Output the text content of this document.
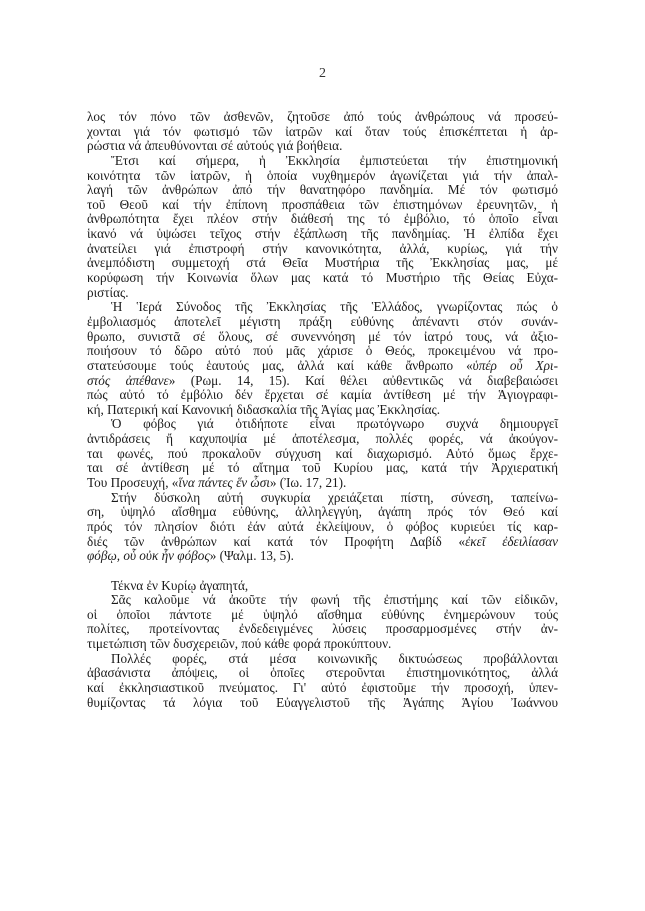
2
λος τόν πόνο τῶν ἀσθενῶν, ζητοῦσε ἀπό τούς ἀνθρώπους νά προσεύ-
χονται γιά τόν φωτισμό τῶν ἰατρῶν καί ὅταν τούς ἐπισκέπτεται ἡ ἀρ-
ρώστια νά ἀπευθύνονται σέ αὐτούς γιά βοήθεια.
Ἔτσι καί σήμερα, ἡ Ἐκκλησία ἐμπιστεύεται τήν ἐπιστημονική
κοινότητα τῶν ἰατρῶν, ἡ ὁποία νυχθημερόν ἀγωνίζεται γιά τήν ἀπαλ-
λαγή τῶν ἀνθρώπων ἀπό τήν θανατηφόρο πανδημία. Μέ τόν φωτισμό
τοῦ Θεοῦ καί τήν ἐπίπονη προσπάθεια τῶν ἐπιστημόνων ἐρευνητῶν, ἡ
ἀνθρωπότητα ἔχει πλέον στήν διάθεσή της τό ἐμβόλιο, τό ὁποῖο εἶναι
ἱκανό νά ὑψώσει τεῖχος στήν ἐξάπλωση τῆς πανδημίας. Ἡ ἐλπίδα ἔχει
ἀνατείλει γιά ἐπιστροφή στήν κανονικότητα, ἀλλά, κυρίως, γιά τήν
ἀνεμπόδιστη συμμετοχή στά Θεῖα Μυστήρια τῆς Ἐκκλησίας μας, μέ
κορύφωση τήν Κοινωνία ὅλων μας κατά τό Μυστήριο τῆς Θείας Εὐχα-
ριστίας.
Ἡ Ἱερά Σύνοδος τῆς Ἐκκλησίας τῆς Ἑλλάδος, γνωρίζοντας πώς ὁ
ἐμβολιασμός ἀποτελεῖ μέγιστη πράξη εὐθύνης ἀπέναντι στόν συνάν-
θρωπο, συνιστᾶ σέ ὅλους, σέ συνεννόηση μέ τόν ἰατρό τους, νά ἀξιο-
ποιήσουν τό δῶρο αὐτό πού μᾶς χάρισε ὁ Θεός, προκειμένου νά προ-
στατεύσουμε τούς ἑαυτούς μας, ἀλλά καί κάθε ἄνθρωπο «ὑπέρ οὗ Χρι-
στός ἀπέθανε» (Ρωμ. 14, 15). Καί θέλει αὐθεντικῶς νά διαβεβαιώσει
πώς αὐτό τό ἐμβόλιο δέν ἔρχεται σέ καμία ἀντίθεση μέ τήν Ἁγιογραφι-
κή, Πατερική καί Κανονική διδασκαλία τῆς Ἁγίας μας Ἐκκλησίας.
Ὁ φόβος γιά ὁτιδήποτε εἶναι πρωτόγνωρο συχνά δημιουργεῖ
ἀντιδράσεις ἤ καχυποψία μέ ἀποτέλεσμα, πολλές φορές, νά ἀκούγον-
ται φωνές, πού προκαλοῦν σύγχυση καί διαχωρισμό. Αὐτό ὅμως ἔρχε-
ται σέ ἀντίθεση μέ τό αἴτημα τοῦ Κυρίου μας, κατά τήν Ἀρχιερατική
Του Προσευχή, «ἵνα πάντες ἕν ὦσι» (Ἰω. 17, 21).
Στήν δύσκολη αὐτή συγκυρία χρειάζεται πίστη, σύνεση, ταπείνω-
ση, ὑψηλό αἴσθημα εὐθύνης, ἀλληλεγγύη, ἀγάπη πρός τόν Θεό καί
πρός τόν πλησίον διότι ἐάν αὐτά ἐκλείψουν, ὁ φόβος κυριεύει τίς καρ-
διές τῶν ἀνθρώπων καί κατά τόν Προφήτη Δαβίδ «ἐκεῖ ἐδειλίασαν
φόβῳ, οὗ οὐκ ἦν φόβος» (Ψαλμ. 13, 5).
Τέκνα ἐν Κυρίῳ ἀγαπητά,
Σᾶς καλοῦμε νά ἀκοῦτε τήν φωνή τῆς ἐπιστήμης καί τῶν εἰδικῶν,
οἱ ὁποῖοι πάντοτε μέ ὑψηλό αἴσθημα εὐθύνης ἐνημερώνουν τούς
πολίτες, προτείνοντας ἐνδεδειγμένες λύσεις προσαρμοσμένες στήν ἀν-
τιμετώπιση τῶν δυσχερειῶν, πού κάθε φορά προκύπτουν.
Πολλές φορές, στά μέσα κοινωνικῆς δικτυώσεως προβάλλονται
ἀβασάνιστα ἀπόψεις, οἱ ὁποῖες στεροῦνται ἐπιστημονικότητος, ἀλλά
καί ἐκκλησιαστικοῦ πνεύματος. Γι' αὐτό ἐφιστοῦμε τήν προσοχή, ὑπεν-
θυμίζοντας τά λόγια τοῦ Εὐαγγελιστοῦ τῆς Ἀγάπης Ἁγίου Ἰωάννου
